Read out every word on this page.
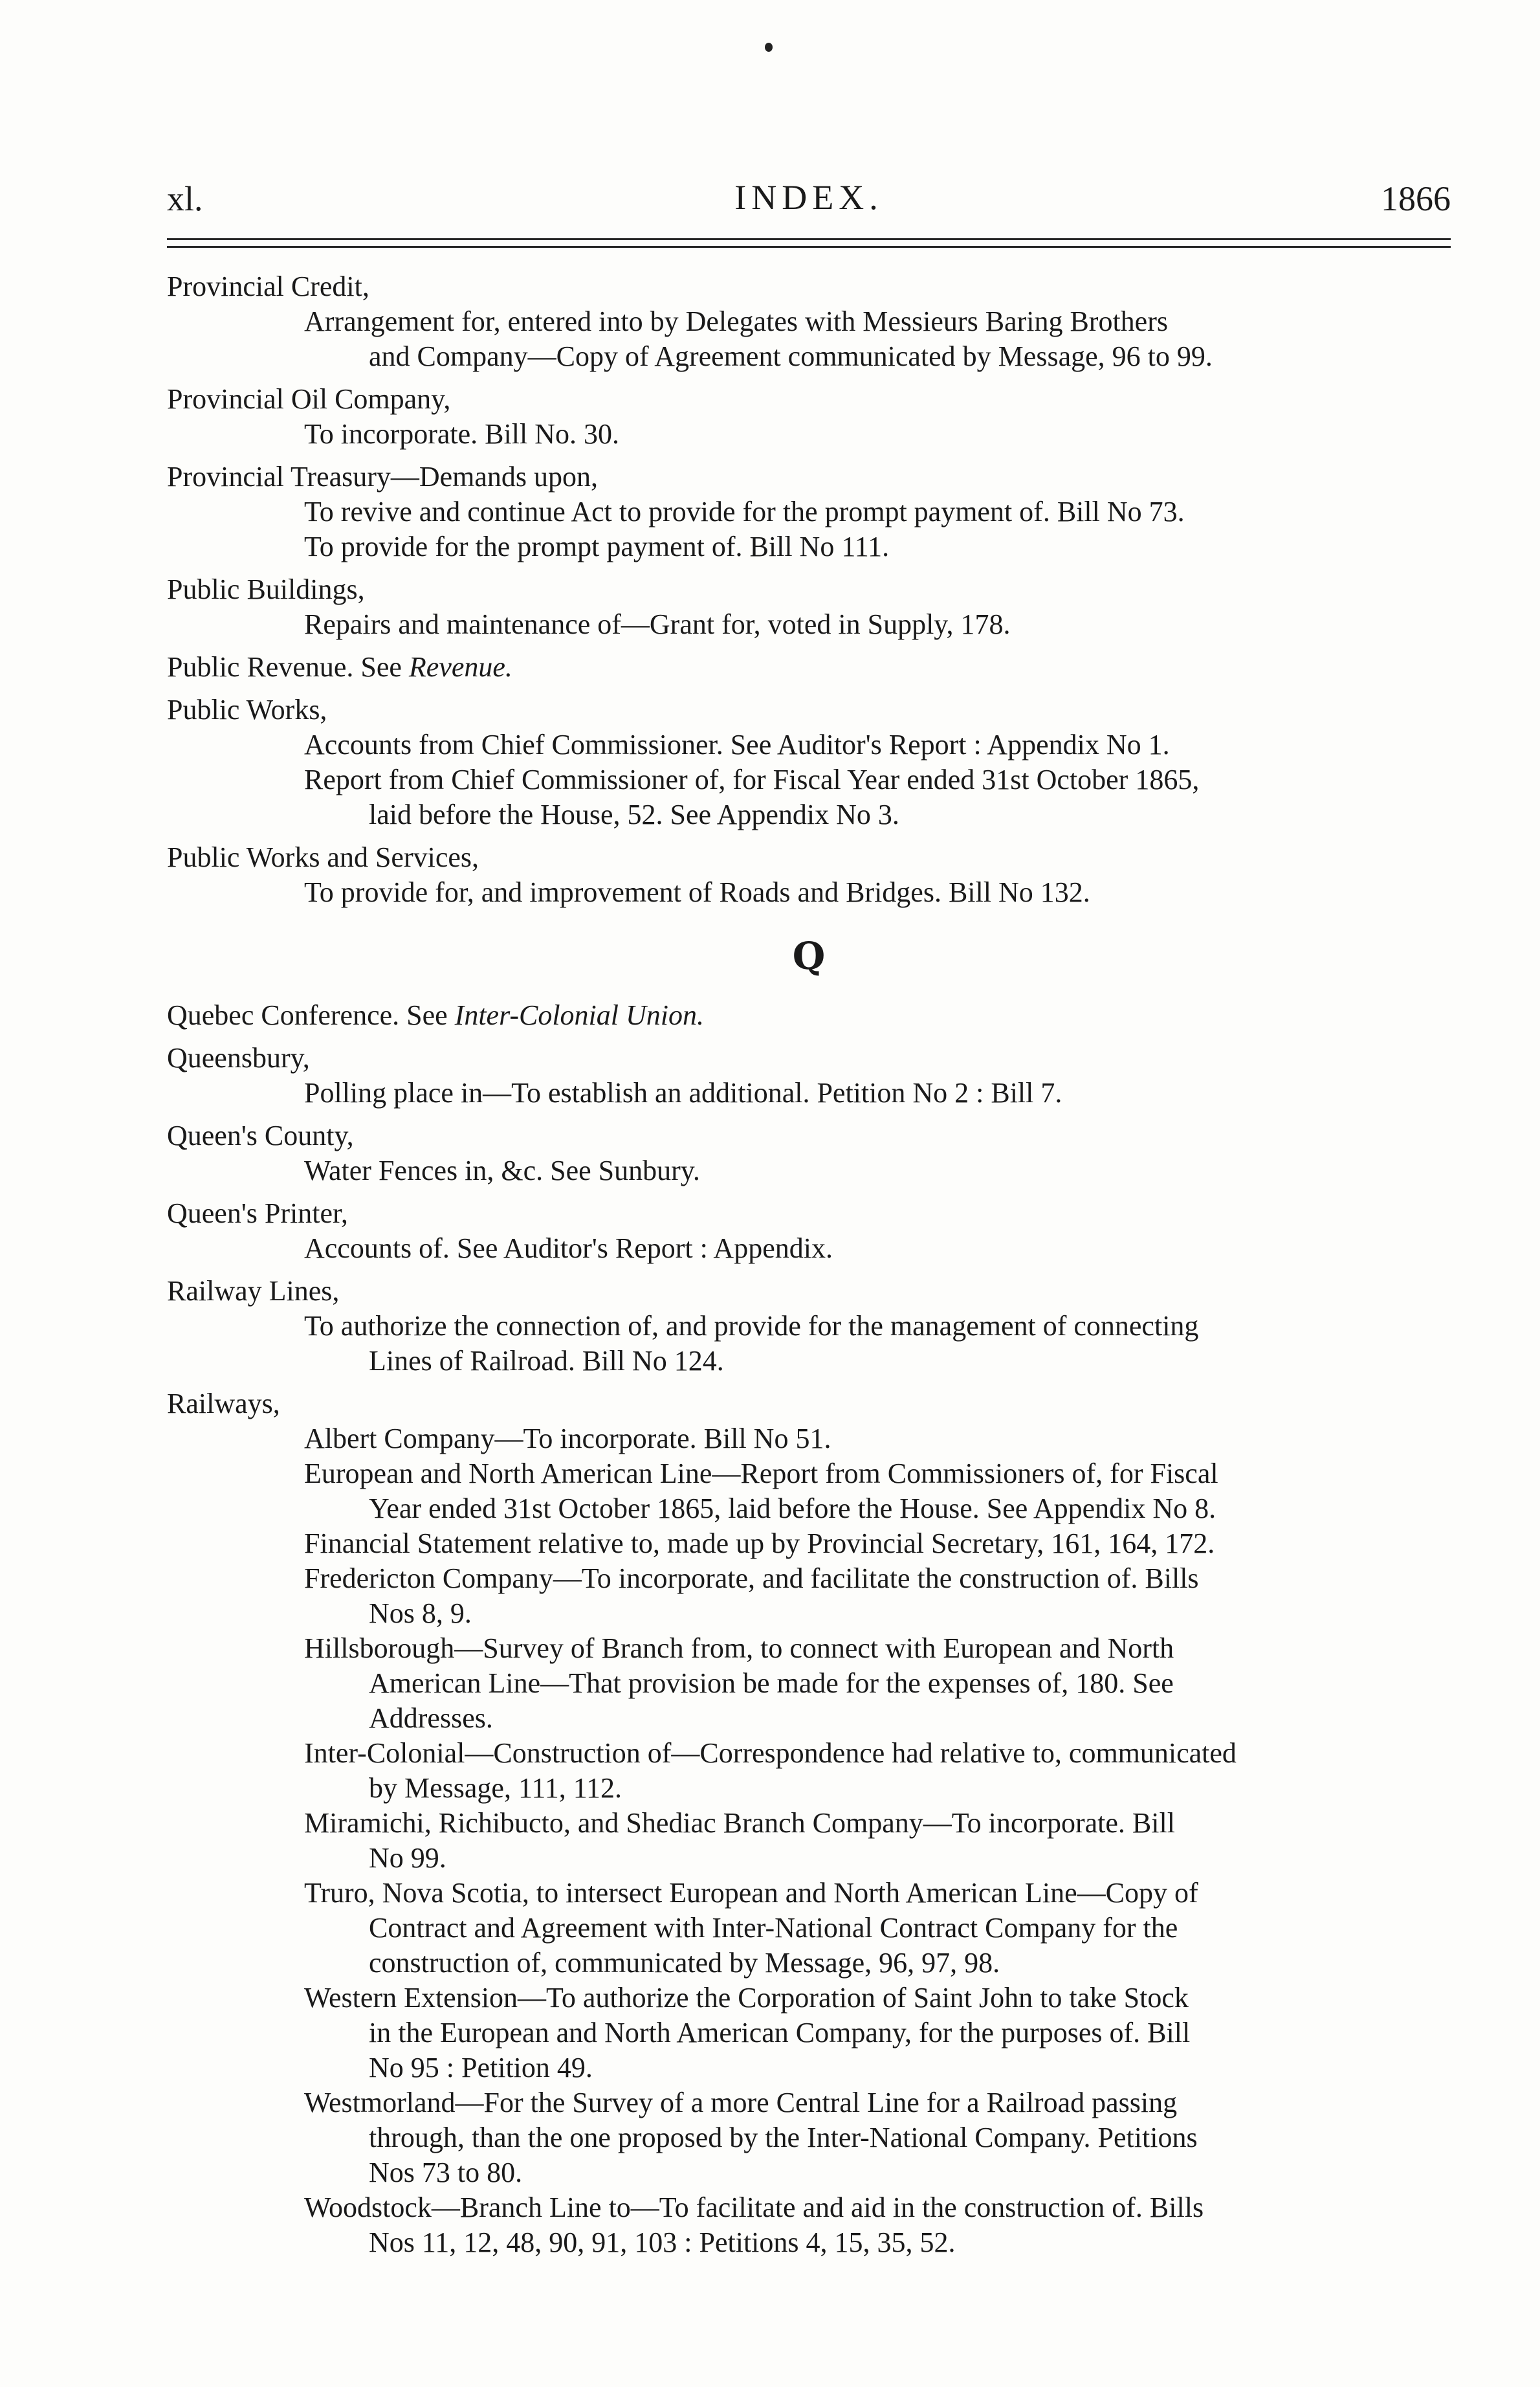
xl.	INDEX.	1866
Provincial Credit,
Arrangement for, entered into by Delegates with Messieurs Baring Brothers
and Company—Copy of Agreement communicated by Message, 96 to 99.
Provincial Oil Company,
To incorporate. Bill No. 30.
Provincial Treasury—Demands upon,
To revive and continue Act to provide for the prompt payment of. Bill No 73.
To provide for the prompt payment of. Bill No 111.
Public Buildings,
Repairs and maintenance of—Grant for, voted in Supply, 178.
Public Revenue. See Revenue.
Public Works,
Accounts from Chief Commissioner. See Auditor's Report : Appendix No 1.
Report from Chief Commissioner of, for Fiscal Year ended 31st October 1865,
laid before the House, 52. See Appendix No 3.
Public Works and Services,
To provide for, and improvement of Roads and Bridges. Bill No 132.
Q
Quebec Conference. See Inter-Colonial Union.
Queensbury,
Polling place in—To establish an additional. Petition No 2 : Bill 7.
Queen's County,
Water Fences in, &c. See Sunbury.
Queen's Printer,
Accounts of. See Auditor's Report : Appendix.
Railway Lines,
To authorize the connection of, and provide for the management of connecting
Lines of Railroad. Bill No 124.
Railways,
Albert Company—To incorporate. Bill No 51.
European and North American Line—Report from Commissioners of, for Fiscal
Year ended 31st October 1865, laid before the House. See Appendix No 8.
Financial Statement relative to, made up by Provincial Secretary, 161, 164, 172.
Fredericton Company—To incorporate, and facilitate the construction of. Bills
Nos 8, 9.
Hillsborough—Survey of Branch from, to connect with European and North
American Line—That provision be made for the expenses of, 180. See
Addresses.
Inter-Colonial—Construction of—Correspondence had relative to, communicated
by Message, 111, 112.
Miramichi, Richibucto, and Shediac Branch Company—To incorporate. Bill
No 99.
Truro, Nova Scotia, to intersect European and North American Line—Copy of
Contract and Agreement with Inter-National Contract Company for the
construction of, communicated by Message, 96, 97, 98.
Western Extension—To authorize the Corporation of Saint John to take Stock
in the European and North American Company, for the purposes of. Bill
No 95 : Petition 49.
Westmorland—For the Survey of a more Central Line for a Railroad passing
through, than the one proposed by the Inter-National Company. Petitions
Nos 73 to 80.
Woodstock—Branch Line to—To facilitate and aid in the construction of. Bills
Nos 11, 12, 48, 90, 91, 103 : Petitions 4, 15, 35, 52.
